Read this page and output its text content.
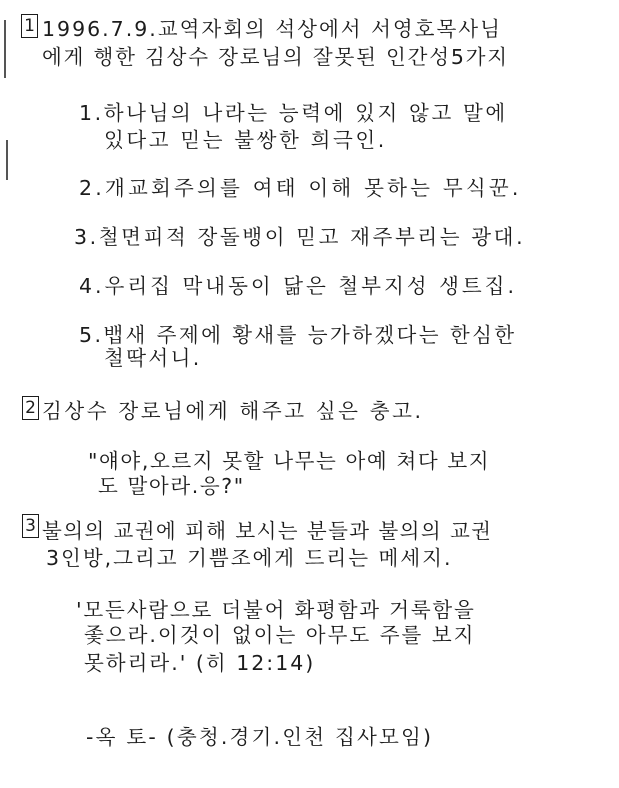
1 1996.7.9.교역자회의 석상에서 서영호목사님
에게 행한 김상수 장로님의 잘못된 인간성5가지
1.하나님의 나라는 능력에 있지 않고 말에
있다고 믿는 불쌍한 희극인.
2.개교회주의를 여태 이해 못하는 무식꾼.
3.철면피적 장돌뱅이 믿고 재주부리는 광대.
4.우리집 막내동이 닮은 철부지성 생트집.
5.뱁새 주제에 황새를 능가하겠다는 한심한
철딱서니.
2 김상수 장로님에게 해주고 싶은 충고.
"얘야,오르지 못할 나무는 아예 쳐다 보지
도 말아라.응?"
3 불의의 교권에 피해 보시는 분들과 불의의 교권
3인방,그리고 기쁨조에게 드리는 메세지.
'모든사람으로 더불어 화평함과 거룩함을
좇으라.이것이 없이는 아무도 주를 보지
못하리라.' (히 12:14)
-옥 토- (충청.경기.인천 집사모임)
